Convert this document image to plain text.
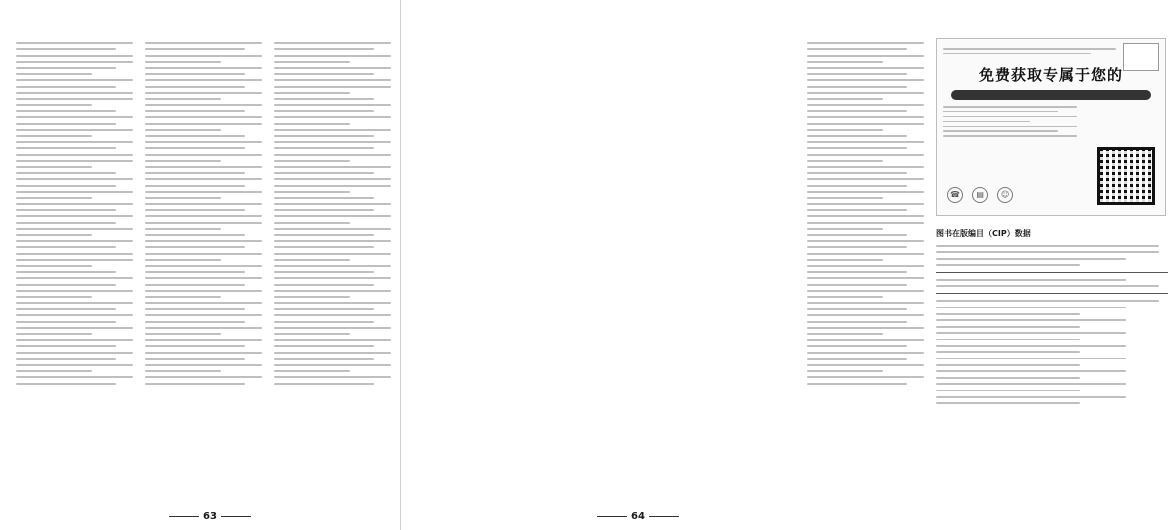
63
免费获取专属于您的
☎ ▤ ☺
图书在版编目（CIP）数据
64
